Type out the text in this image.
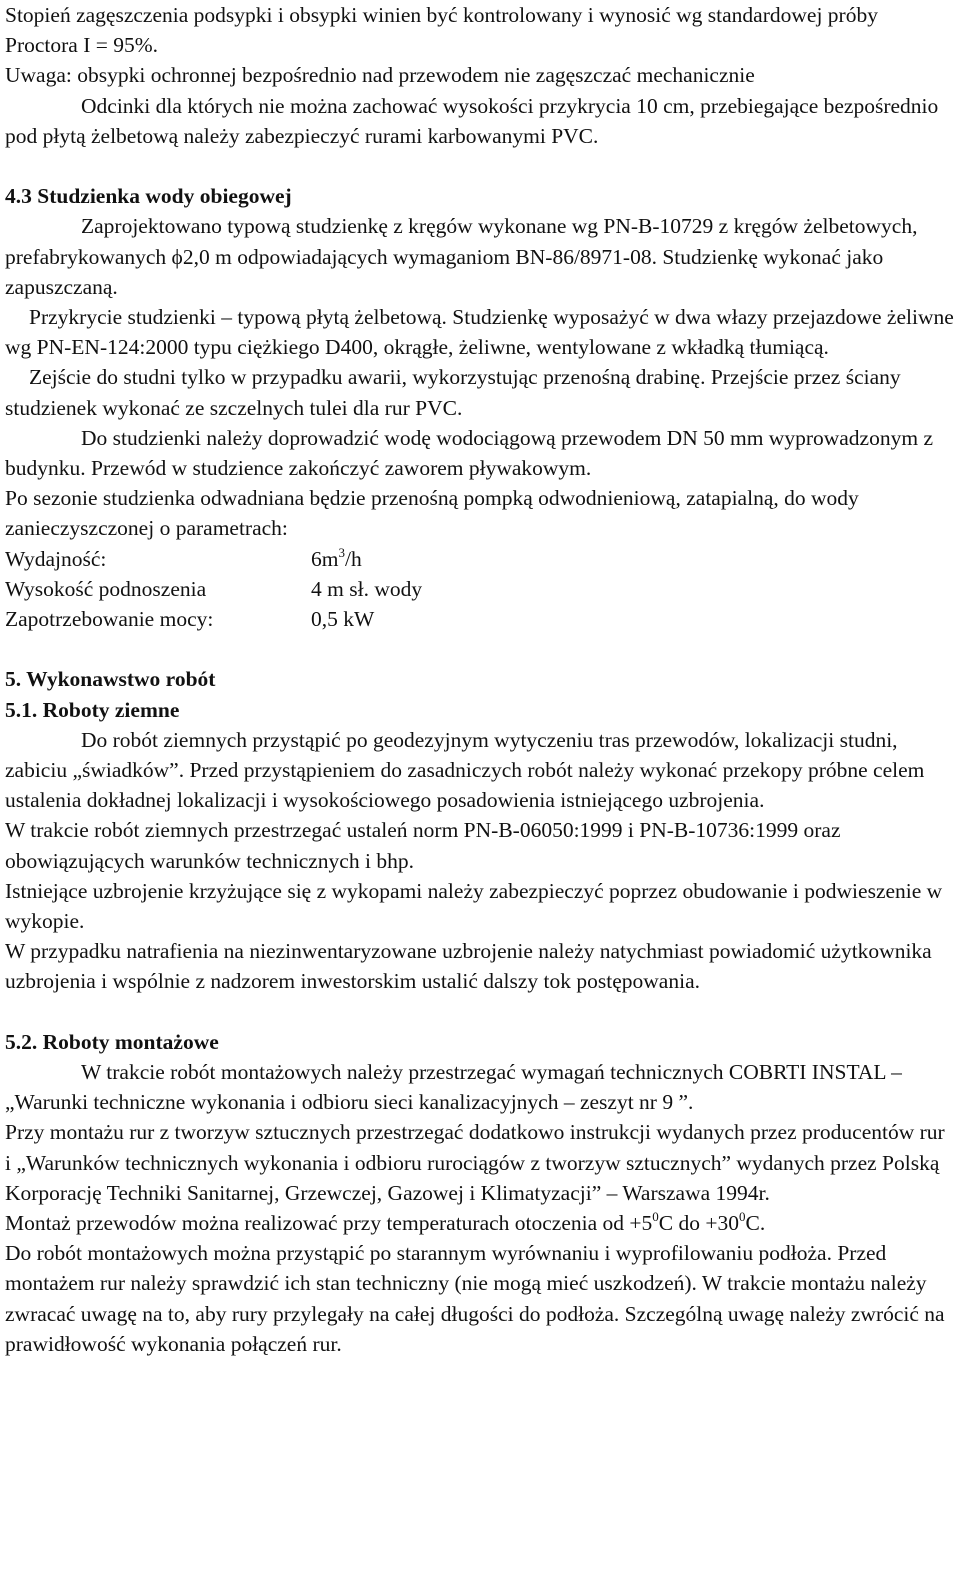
Stopień zagęszczenia podsypki i obsypki winien być kontrolowany i wynosić wg standardowej próby Proctora I = 95%.

Uwaga: obsypki ochronnej bezpośrednio nad przewodem nie zagęszczać mechanicznie

Odcinki dla których nie można zachować wysokości przykrycia 10 cm, przebiegające bezpośrednio pod płytą żelbetową należy zabezpieczyć rurami karbowanymi PVC.

4.3 Studzienka wody obiegowej

Zaprojektowano typową studzienkę z kręgów wykonane wg PN-B-10729 z kręgów żelbetowych, prefabrykowanych ϕ2,0 m odpowiadających wymaganiom BN-86/8971-08. Studzienkę wykonać jako zapuszczaną.

Przykrycie studzienki – typową płytą żelbetową. Studzienkę wyposażyć w dwa włazy przejazdowe żeliwne wg PN-EN-124:2000 typu ciężkiego D400, okrągłe, żeliwne, wentylowane z wkładką tłumiącą.

Zejście do studni tylko w przypadku awarii, wykorzystując przenośną drabinę. Przejście przez ściany studzienek wykonać ze szczelnych tulei dla rur PVC.

Do studzienki należy doprowadzić wodę wodociągową przewodem DN 50 mm wyprowadzonym z budynku. Przewód w studzience zakończyć zaworem pływakowym.

Po sezonie studzienka odwadniana będzie przenośną pompką odwodnieniową, zatapialną, do wody zanieczyszczonej o parametrach:

Wydajność:	$6m^3/h$
Wysokość podnoszenia	4 m sł. wody
Zapotrzebowanie mocy:	0,5 kW
5. Wykonawstwo robót
5.1. Roboty ziemne

Do robót ziemnych przystąpić po geodezyjnym wytyczeniu tras przewodów, lokalizacji studni, zabiciu „świadków”. Przed przystąpieniem do zasadniczych robót należy wykonać przekopy próbne celem ustalenia dokładnej lokalizacji i wysokościowego posadowienia istniejącego uzbrojenia.

W trakcie robót ziemnych przestrzegać ustaleń norm PN-B-06050:1999 i PN-B-10736:1999 oraz obowiązujących warunków technicznych i bhp.

Istniejące uzbrojenie krzyżujące się z wykopami należy zabezpieczyć poprzez obudowanie i podwieszenie w wykopie.

W przypadku natrafienia na niezinwentaryzowane uzbrojenie należy natychmiast powiadomić użytkownika uzbrojenia i wspólnie z nadzorem inwestorskim ustalić dalszy tok postępowania.

5.2. Roboty montażowe

W trakcie robót montażowych należy przestrzegać wymagań technicznych COBRTI INSTAL – „Warunki techniczne wykonania i odbioru sieci kanalizacyjnych – zeszyt nr 9 ”.

Przy montażu rur z tworzyw sztucznych przestrzegać dodatkowo instrukcji wydanych przez producentów rur i „Warunków technicznych wykonania i odbioru rurociągów z tworzyw sztucznych” wydanych przez Polską Korporację Techniki Sanitarnej, Grzewczej, Gazowej i Klimatyzacji” – Warszawa 1994r.

Montaż przewodów można realizować przy temperaturach otoczenia od $+5^0C$ do $+30^0C$.

Do robót montażowych można przystąpić po starannym wyrównaniu i wyprofilowaniu podłoża. Przed montażem rur należy sprawdzić ich stan techniczny (nie mogą mieć uszkodzeń). W trakcie montażu należy zwracać uwagę na to, aby rury przylegały na całej długości do podłoża. Szczególną uwagę należy zwrócić na prawidłowość wykonania połączeń rur.
